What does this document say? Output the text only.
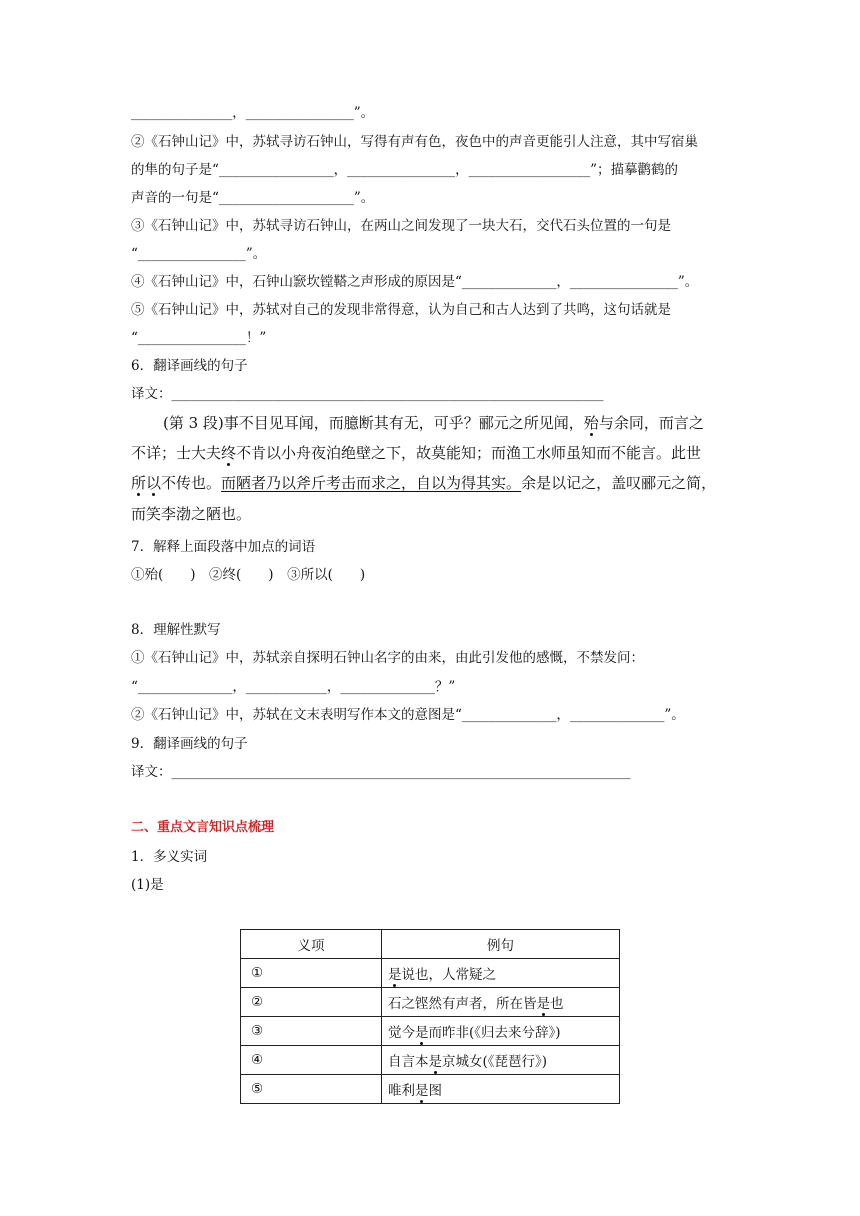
_______________，________________”。
②《石钟山记》中，苏轼寻访石钟山，写得有声有色，夜色中的声音更能引人注意，其中写宿巢
的隼的句子是“_________________，________________，__________________”；描摹鹳鹤的
声音的一句是“____________________”。
③《石钟山记》中，苏轼寻访石钟山，在两山之间发现了一块大石，交代石头位置的一句是
“________________”。
④《石钟山记》中，石钟山窾坎镗鞳之声形成的原因是“______________，________________”。
⑤《石钟山记》中，苏轼对自己的发现非常得意，认为自己和古人达到了共鸣，这句话就是
“________________！”
6．翻译画线的句子
译文：________________________________________________________________
(第 3 段)事不目见耳闻，而臆断其有无，可乎？郦元之所见闻，殆与余同，而言之
不详；士大夫终不肯以小舟夜泊绝壁之下，故莫能知；而渔工水师虽知而不能言。此世
所以不传也。而陋者乃以斧斤考击而求之，自以为得其实。余是以记之，盖叹郦元之简，
而笑李渤之陋也。
7．解释上面段落中加点的词语
①殆(　　)　②终(　　)　③所以(　　)
8．理解性默写
①《石钟山记》中，苏轼亲自探明石钟山名字的由来，由此引发他的感慨，不禁发问：
“______________，____________，______________？”
②《石钟山记》中，苏轼在文末表明写作本文的意图是“______________，______________”。
9．翻译画线的句子
译文：____________________________________________________________________
二、重点文言知识点梳理
1．多义实词
(1)是
义项	例句
①	是说也，人常疑之
②	石之铿然有声者，所在皆是也
③	觉今是而昨非(《归去来兮辞》)
④	自言本是京城女(《琵琶行》)
⑤	唯利是图
